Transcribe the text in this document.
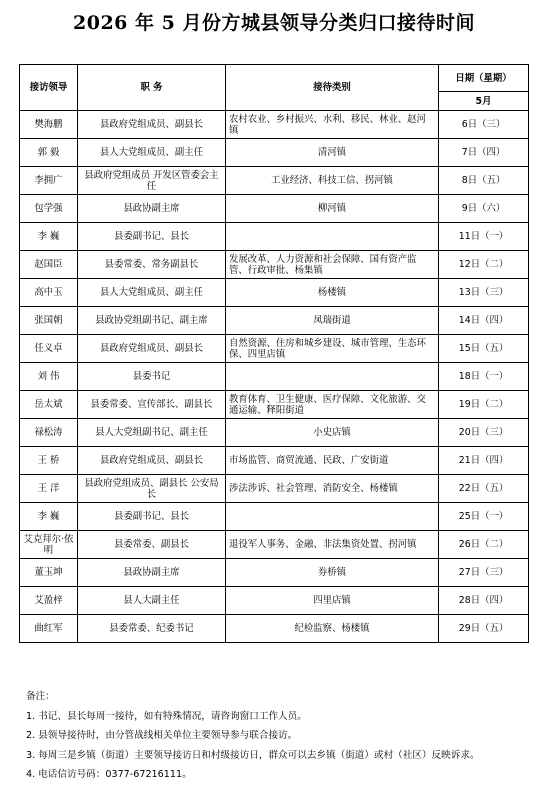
2026 年 5 月份方城县领导分类归口接待时间
接访领导	职 务	接待类别	日期（星期）
			5月
樊海鹏	县政府党组成员、副县长	农村农业、乡村振兴、水利、移民、林业、赵河镇	6日（三）
郭 毅	县人大党组成员、副主任	清河镇	7日（四）
李拥广	县政府党组成员 开发区管委会主任	工业经济、科技工信、拐河镇	8日（五）
包学强	县政协副主席	柳河镇	9日（六）
李 巍	县委副书记、县长		11日（一）
赵国臣	县委常委、常务副县长	发展改革、人力资源和社会保障、国有资产监管、行政审批、杨集镇	12日（二）
高中玉	县人大党组成员、副主任	杨楼镇	13日（三）
张国朝	县政协党组副书记、副主席	凤瑞街道	14日（四）
任义卓	县政府党组成员、副县长	自然资源、住房和城乡建设、城市管理、生态环保、四里店镇	15日（五）
刘 伟	县委书记		18日（一）
岳太斌	县委常委、宣传部长、副县长	教育体育、卫生健康、医疗保障、文化旅游、交通运输、释阳街道	19日（二）
禄松涛	县人大党组副书记、副主任	小史店镇	20日（三）
王 桥	县政府党组成员、副县长	市场监管、商贸流通、民政、广安街道	21日（四）
王 洋	县政府党组成员、副县长 公安局长	涉法涉诉、社会管理、消防安全、杨楼镇	22日（五）
李 巍	县委副书记、县长		25日（一）
艾克拜尔·依明	县委常委、副县长	退役军人事务、金融、非法集资处置、拐河镇	26日（二）
董玉坤	县政协副主席	券桥镇	27日（三）
艾盈梓	县人大副主任	四里店镇	28日（四）
曲红军	县委常委、纪委书记	纪检监察、杨楼镇	29日（五）
备注：
1. 书记、县长每周一接待，如有特殊情况，请咨询窗口工作人员。
2. 县领导接待时，由分管战线相关单位主要领导参与联合接访。
3. 每周三是乡镇（街道）主要领导接访日和村级接访日，群众可以去乡镇（街道）或村（社区）反映诉求。
4. 电话信访号码：0377-67216111。
